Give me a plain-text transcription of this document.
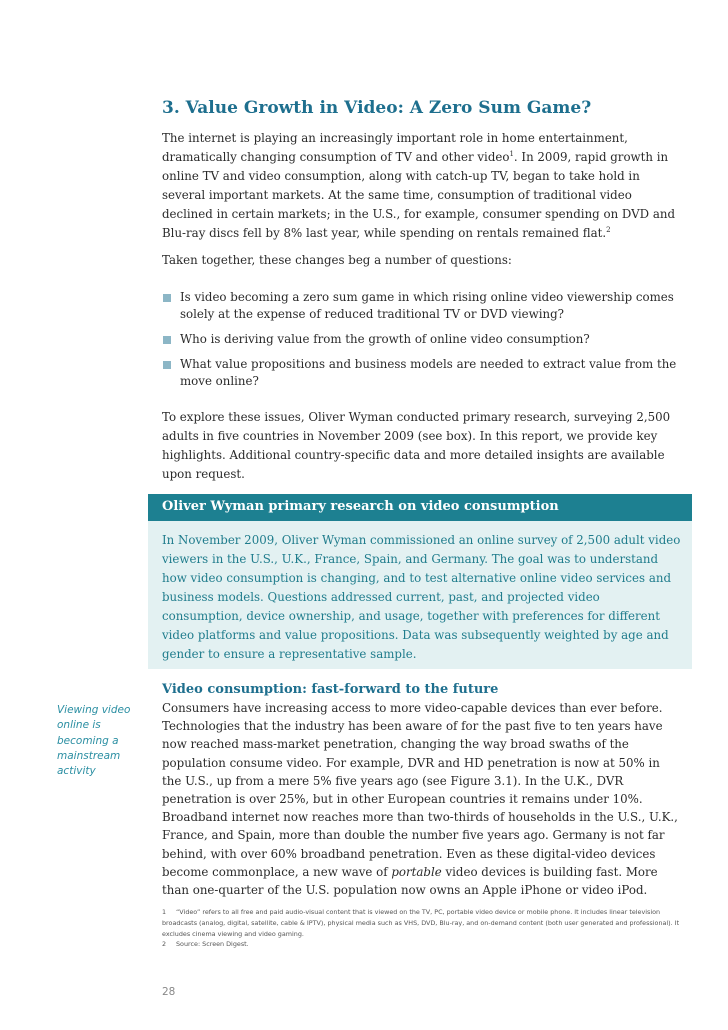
3. Value Growth in Video: A Zero Sum Game?

The internet is playing an increasingly important role in home entertainment, dramatically changing consumption of TV and other video$^1$. In 2009, rapid growth in online TV and video consumption, along with catch-up TV, began to take hold in several important markets. At the same time, consumption of traditional video declined in certain markets; in the U.S., for example, consumer spending on DVD and Blu-ray discs fell by 8% last year, while spending on rentals remained flat.$^2$

Taken together, these changes beg a number of questions:

Is video becoming a zero sum game in which rising online video viewership comes solely at the expense of reduced traditional TV or DVD viewing?
Who is deriving value from the growth of online video consumption?
What value propositions and business models are needed to extract value from the move online?

To explore these issues, Oliver Wyman conducted primary research, surveying 2,500 adults in five countries in November 2009 (see box). In this report, we provide key highlights. Additional country-specific data and more detailed insights are available upon request.

Oliver Wyman primary research on video consumption

In November 2009, Oliver Wyman commissioned an online survey of 2,500 adult video viewers in the U.S., U.K., France, Spain, and Germany. The goal was to understand how video consumption is changing, and to test alternative online video services and business models. Questions addressed current, past, and projected video consumption, device ownership, and usage, together with preferences for different video platforms and value propositions. Data was subsequently weighted by age and gender to ensure a representative sample.

Video consumption: fast-forward to the future

Viewing video online is becoming a mainstream activity

Consumers have increasing access to more video-capable devices than ever before. Technologies that the industry has been aware of for the past five to ten years have now reached mass-market penetration, changing the way broad swaths of the population consume video. For example, DVR and HD penetration is now at 50% in the U.S., up from a mere 5% five years ago (see Figure 3.1). In the U.K., DVR penetration is over 25%, but in other European countries it remains under 10%. Broadband internet now reaches more than two-thirds of households in the U.S., U.K., France, and Spain, more than double the number five years ago. Germany is not far behind, with over 60% broadband penetration. Even as these digital-video devices become commonplace, a new wave of portable video devices is building fast. More than one-quarter of the U.S. population now owns an Apple iPhone or video iPod.

1 “Video” refers to all free and paid audio-visual content that is viewed on the TV, PC, portable video device or mobile phone. It includes linear television broadcasts (analog, digital, satellite, cable & IPTV), physical media such as VHS, DVD, Blu-ray, and on-demand content (both user generated and professional). It excludes cinema viewing and video gaming.

2 Source: Screen Digest.

28
